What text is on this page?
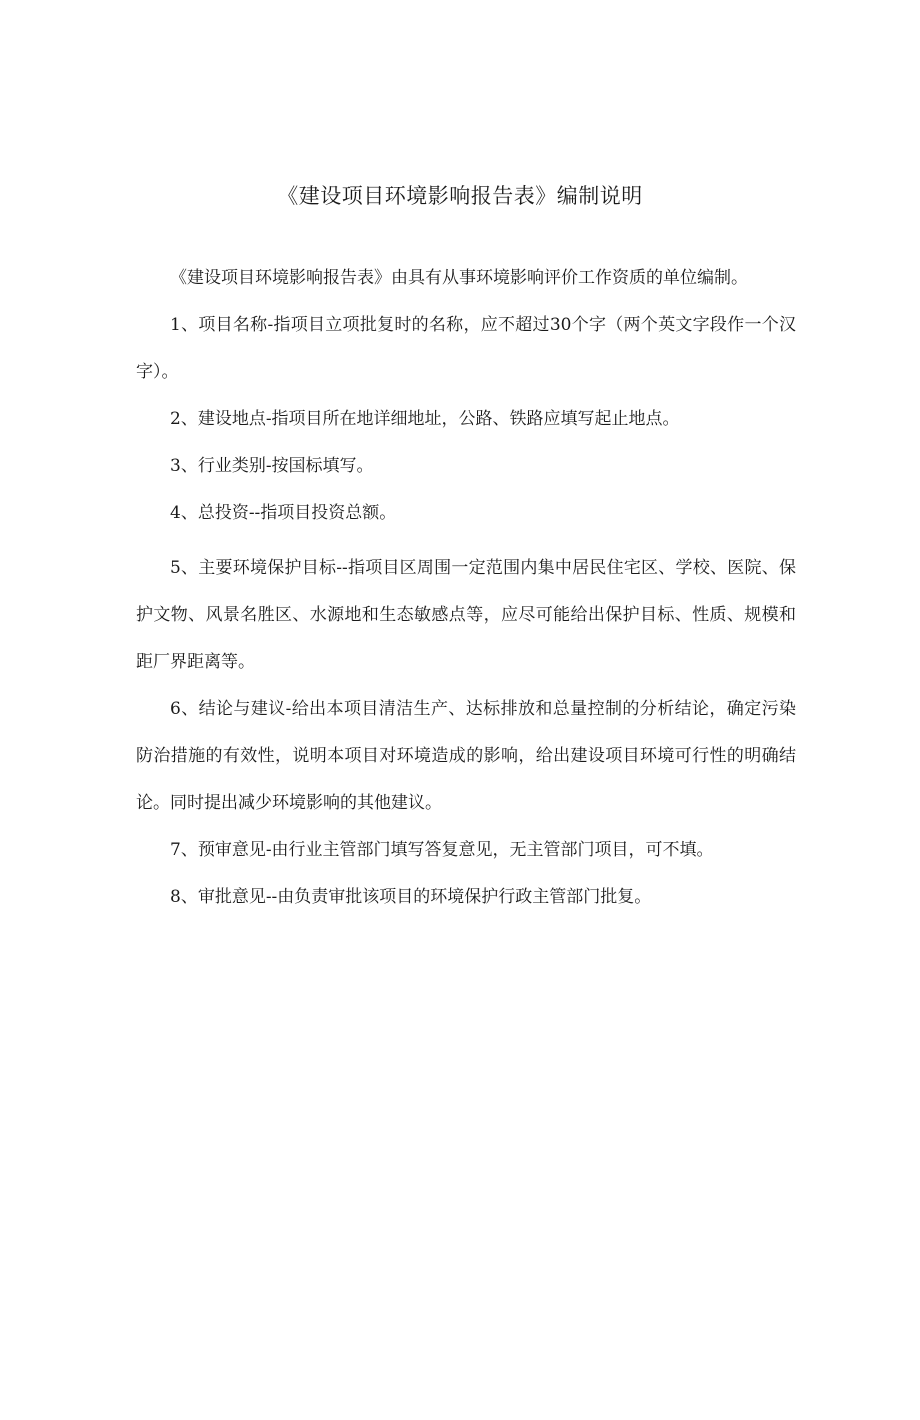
《建设项目环境影响报告表》编制说明

《建设项目环境影响报告表》由具有从事环境影响评价工作资质的单位编制。

1、项目名称-指项目立项批复时的名称，应不超过30个字（两个英文字段作一个汉字）。

2、建设地点-指项目所在地详细地址，公路、铁路应填写起止地点。

3、行业类别-按国标填写。

4、总投资--指项目投资总额。

5、主要环境保护目标--指项目区周围一定范围内集中居民住宅区、学校、医院、保护文物、风景名胜区、水源地和生态敏感点等，应尽可能给出保护目标、性质、规模和距厂界距离等。

6、结论与建议-给出本项目清洁生产、达标排放和总量控制的分析结论，确定污染防治措施的有效性，说明本项目对环境造成的影响，给出建设项目环境可行性的明确结论。同时提出减少环境影响的其他建议。

7、预审意见-由行业主管部门填写答复意见，无主管部门项目，可不填。

8、审批意见--由负责审批该项目的环境保护行政主管部门批复。
